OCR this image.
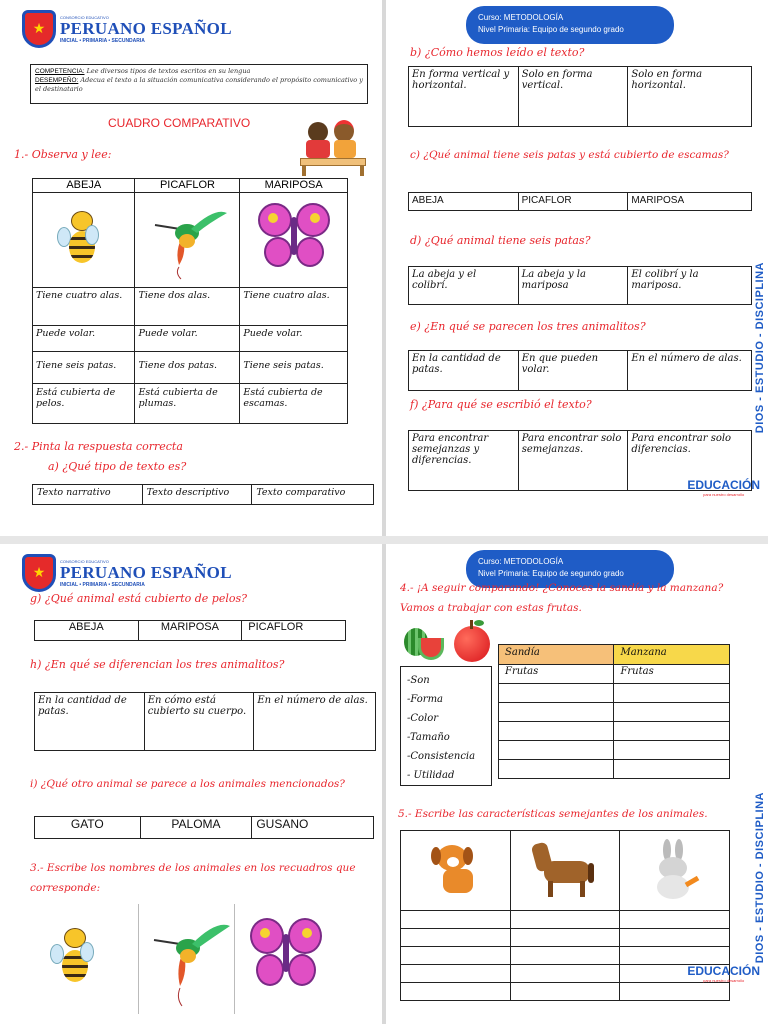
★
CONSORCIO EDUCATIVO
PERUANO ESPAÑOL
INICIAL • PRIMARIA • SECUNDARIA
COMPETENCIA: Lee diversos tipos de textos escritos en su lengua
DESEMPEÑO: Adecua el texto a la situación comunicativa considerando el propósito comunicativo y el destinatario
CUADRO COMPARATIVO
1.- Observa y lee:
ABEJA	PICAFLOR	MARIPOSA

Tiene cuatro alas.	Tiene dos alas.	Tiene cuatro alas.
Puede volar.	Puede volar.	Puede volar.
Tiene seis patas.	Tiene dos patas.	Tiene seis patas.
Está cubierta de pelos.	Está cubierta de plumas.	Está cubierta de escamas.
2.- Pinta la respuesta correcta
a) ¿Qué tipo de texto es?
Texto narrativo	Texto descriptivo	Texto comparativo
Curso: METODOLOGÍA
Nivel Primaria: Equipo de segundo grado
b) ¿Cómo hemos leído el texto?
En forma vertical y horizontal.	Solo en forma vertical.	Solo en forma horizontal.
c) ¿Qué animal tiene seis patas y está cubierto de escamas?
ABEJA	PICAFLOR	MARIPOSA
d) ¿Qué animal tiene seis patas?
La abeja y el colibrí.	La abeja y la mariposa	El colibrí y la mariposa.
e) ¿En qué se parecen los tres animalitos?
En la cantidad de patas.	En que pueden volar.	En el número de alas.
f) ¿Para qué se escribió el texto?
Para encontrar semejanzas y diferencias.	Para encontrar solo semejanzas.	Para encontrar solo diferencias.
DIOS - ESTUDIO - DISCIPLINA
EDUCACIÓN
para nuestro desarrollo
★
CONSORCIO EDUCATIVO
PERUANO ESPAÑOL
INICIAL • PRIMARIA • SECUNDARIA
g) ¿Qué animal está cubierto de pelos?
ABEJA	MARIPOSA	PICAFLOR
h) ¿En qué se diferencian los tres animalitos?
En la cantidad de patas.	En cómo está cubierto su cuerpo.	En el número de alas.
i) ¿Qué otro animal se parece a los animales mencionados?
GATO	PALOMA	GUSANO
3.- Escribe los nombres de los animales en los recuadros que corresponde:
Curso: METODOLOGÍA
Nivel Primaria: Equipo de segundo grado
4.- ¡A seguir comparando! ¿Conoces la sandía y la manzana? Vamos a trabajar con estas frutas.
-Son
-Forma
-Color
-Tamaño
-Consistencia
- Utilidad
Sandía	Manzana
Frutas	Frutas

5.- Escribe las características semejantes de los animales.

			DIOS - ESTUDIO - DISCIPLINA
EDUCACIÓN
para nuestro desarrollo
